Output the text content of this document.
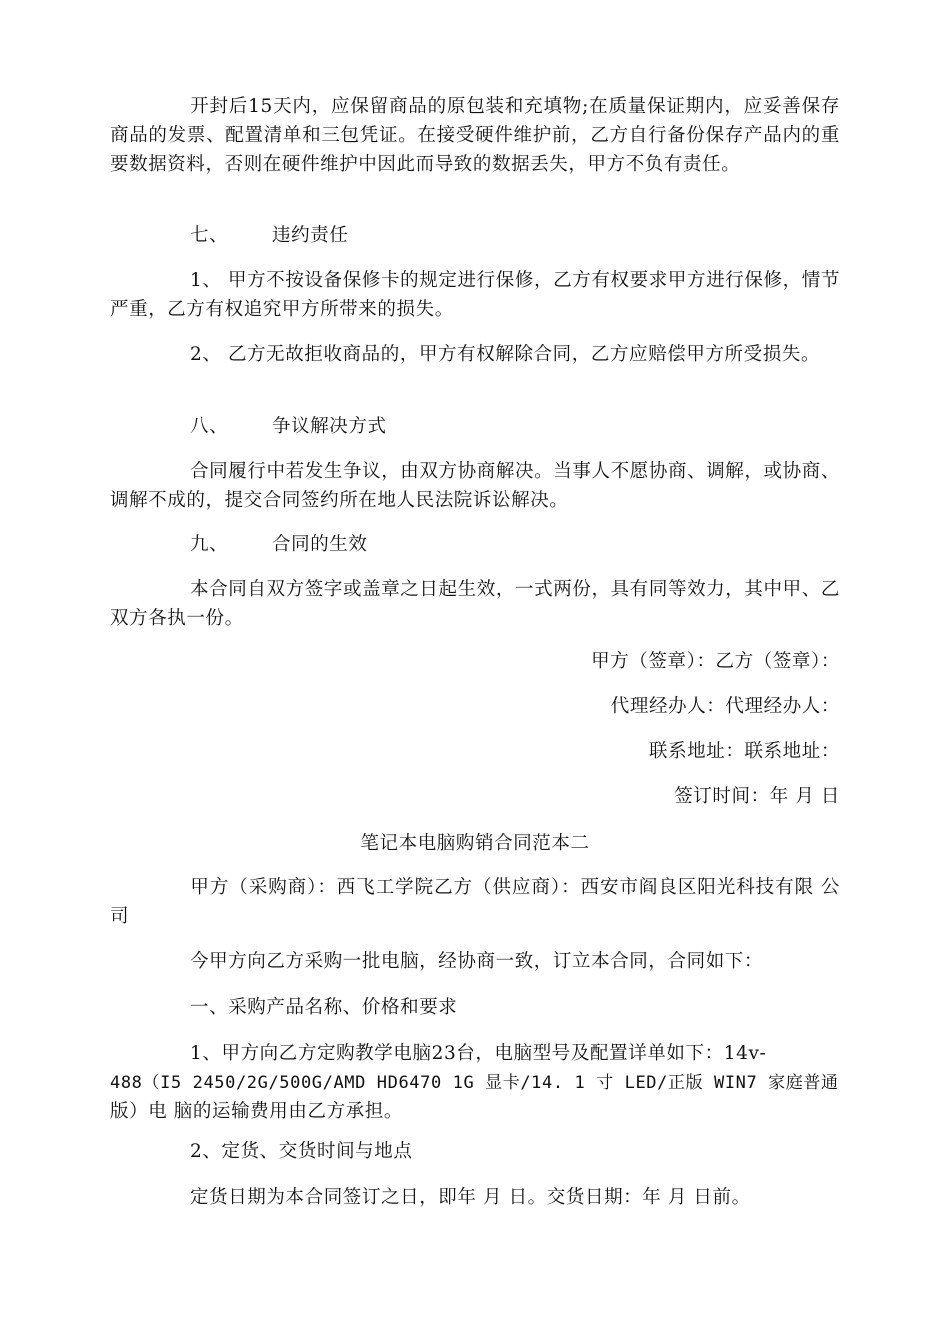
开封后15天内，应保留商品的原包装和充填物;在质量保证期内，应妥善保存商品的发票、配置清单和三包凭证。在接受硬件维护前，乙方自行备份保存产品内的重要数据资料，否则在硬件维护中因此而导致的数据丢失，甲方不负有责任。

七、 违约责任

1、 甲方不按设备保修卡的规定进行保修，乙方有权要求甲方进行保修，情节严重，乙方有权追究甲方所带来的损失。

2、 乙方无故拒收商品的，甲方有权解除合同，乙方应赔偿甲方所受损失。

八、 争议解决方式

合同履行中若发生争议，由双方协商解决。当事人不愿协商、调解，或协商、调解不成的，提交合同签约所在地人民法院诉讼解决。

九、 合同的生效

本合同自双方签字或盖章之日起生效，一式两份，具有同等效力，其中甲、乙双方各执一份。

甲方（签章）：乙方（签章）：

代理经办人：代理经办人：

联系地址：联系地址：

签订时间：年 月 日

笔记本电脑购销合同范本二

甲方（采购商）：西飞工学院乙方（供应商）：西安市阎良区阳光科技有限 公司

今甲方向乙方采购一批电脑，经协商一致，订立本合同，合同如下：

一、采购产品名称、价格和要求

1、甲方向乙方定购教学电脑23台，电脑型号及配置详单如下：14v-

488（I5 2450/2G/500G/AMD HD6470 1G 显卡/14. 1 寸 LED/正版 WIN7 家庭普通

版）电 脑的运输费用由乙方承担。

2、定货、交货时间与地点

定货日期为本合同签订之日，即年 月 日。交货日期：年 月 日前。
